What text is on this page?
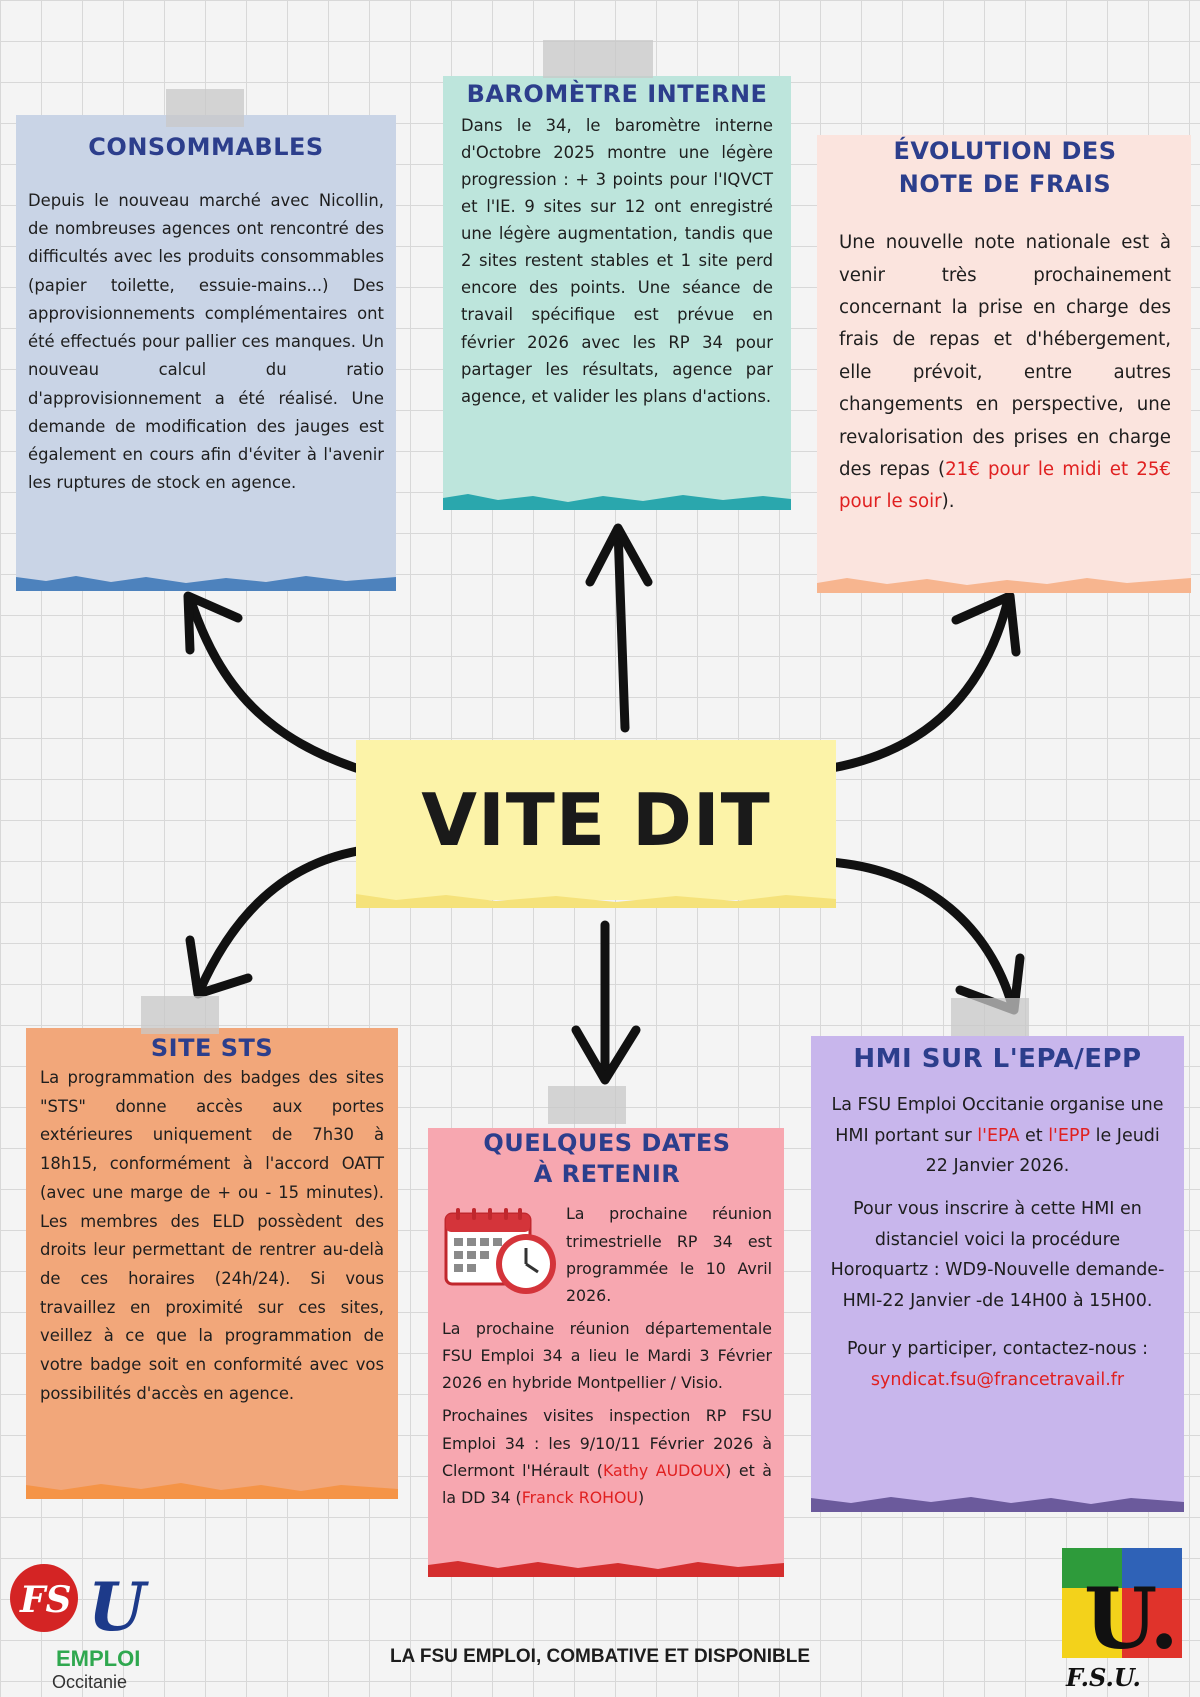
CONSOMMABLES

Depuis le nouveau marché avec Nicollin, de nombreuses agences ont rencontré des difficultés avec les produits consommables (papier toilette, essuie-mains...) Des approvisionnements complémentaires ont été effectués pour pallier ces manques. Un nouveau calcul du ratio d'approvisionnement a été réalisé. Une demande de modification des jauges est également en cours afin d'éviter à l'avenir les ruptures de stock en agence.

BAROMÈTRE INTERNE

Dans le 34, le baromètre interne d'Octobre 2025 montre une légère progression : + 3 points pour l'IQVCT et l'IE. 9 sites sur 12 ont enregistré une légère augmentation, tandis que 2 sites restent stables et 1 site perd encore des points. Une séance de travail spécifique est prévue en février 2026 avec les RP 34 pour partager les résultats, agence par agence, et valider les plans d'actions.

ÉVOLUTION DES
NOTE DE FRAIS

Une nouvelle note nationale est à venir très prochainement concernant la prise en charge des frais de repas et d'hébergement, elle prévoit, entre autres changements en perspective, une revalorisation des prises en charge des repas (21€ pour le midi et 25€ pour le soir).

VITE DIT
SITE STS

La programmation des badges des sites "STS" donne accès aux portes extérieures uniquement de 7h30 à 18h15, conformément à l'accord OATT (avec une marge de + ou - 15 minutes). Les membres des ELD possèdent des droits leur permettant de rentrer au-delà de ces horaires (24h/24). Si vous travaillez en proximité sur ces sites, veillez à ce que la programmation de votre badge soit en conformité avec vos possibilités d'accès en agence.

QUELQUES DATES
À RETENIR

La prochaine réunion trimestrielle RP 34 est programmée le 10 Avril 2026.

La prochaine réunion départementale FSU Emploi 34 a lieu le Mardi 3 Février 2026 en hybride Montpellier / Visio.

Prochaines visites inspection RP FSU Emploi 34 : les 9/10/11 Février 2026 à Clermont l'Hérault (Kathy AUDOUX) et à la DD 34 (Franck ROHOU)

HMI SUR L'EPA/EPP

La FSU Emploi Occitanie organise une HMI portant sur l'EPA et l'EPP le Jeudi 22 Janvier 2026.

Pour vous inscrire à cette HMI en distanciel voici la procédure Horoquartz : WD9-Nouvelle demande-HMI-22 Janvier -de 14H00 à 15H00.

Pour y participer, contactez-nous :

syndicat.fsu@francetravail.fr

FS U
EMPLOI
Occitanie
LA FSU EMPLOI, COMBATIVE ET DISPONIBLE	U.
F.S.U.
